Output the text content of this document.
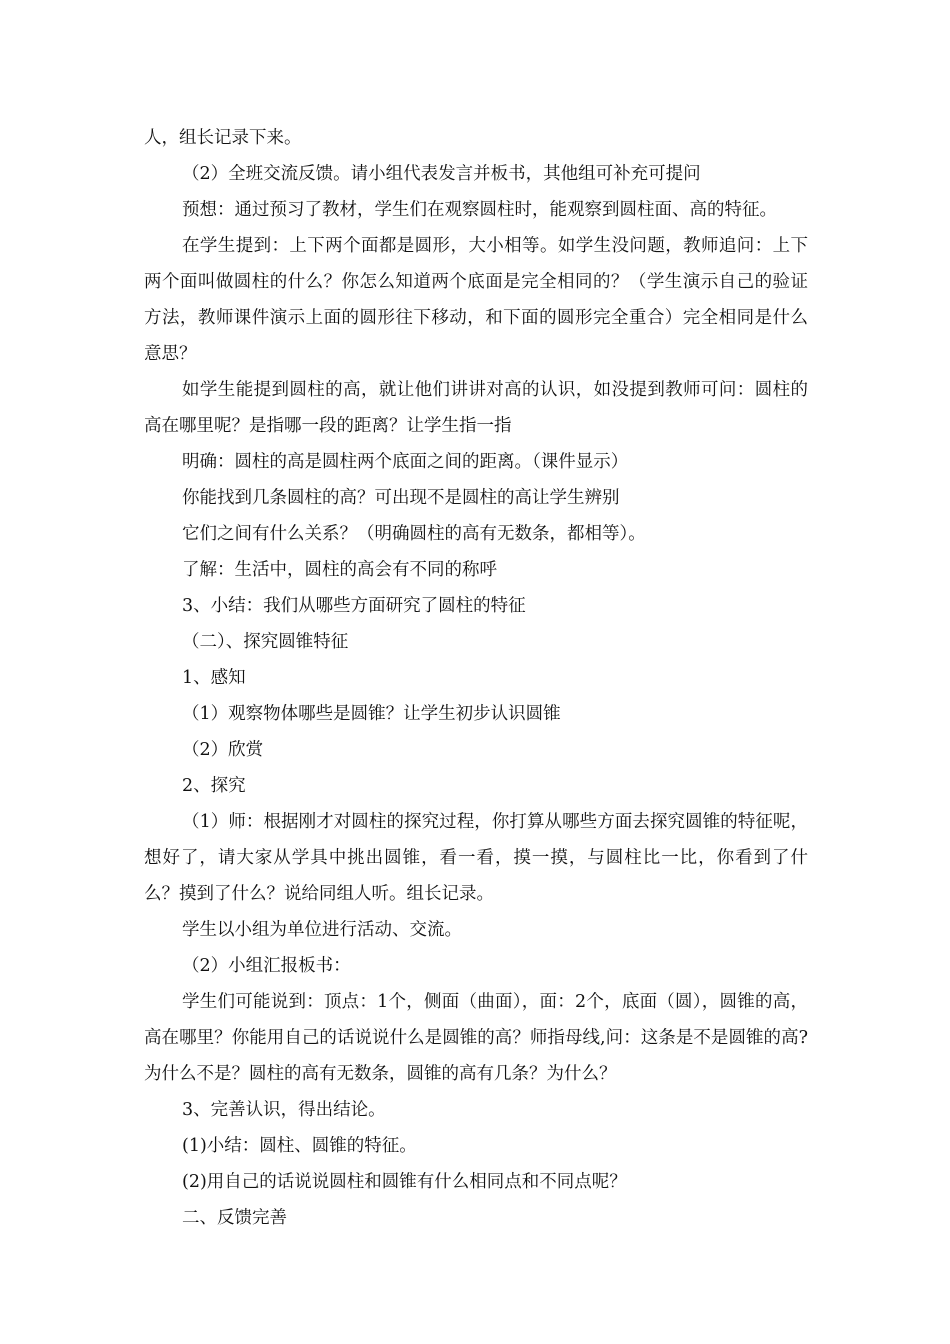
人，组长记录下来。

（2）全班交流反馈。请小组代表发言并板书，其他组可补充可提问

预想：通过预习了教材，学生们在观察圆柱时，能观察到圆柱面、高的特征。

在学生提到：上下两个面都是圆形，大小相等。如学生没问题，教师追问：上下两个面叫做圆柱的什么？你怎么知道两个底面是完全相同的？（学生演示自己的验证方法，教师课件演示上面的圆形往下移动，和下面的圆形完全重合）完全相同是什么意思？

如学生能提到圆柱的高，就让他们讲讲对高的认识，如没提到教师可问：圆柱的高在哪里呢？是指哪一段的距离？让学生指一指

明确：圆柱的高是圆柱两个底面之间的距离。（课件显示）

你能找到几条圆柱的高？可出现不是圆柱的高让学生辨别

它们之间有什么关系？（明确圆柱的高有无数条，都相等）。

了解：生活中，圆柱的高会有不同的称呼

3、小结：我们从哪些方面研究了圆柱的特征

（二）、探究圆锥特征

1、感知

（1）观察物体哪些是圆锥？让学生初步认识圆锥

（2）欣赏

2、探究

（1）师：根据刚才对圆柱的探究过程，你打算从哪些方面去探究圆锥的特征呢，想好了，请大家从学具中挑出圆锥，看一看，摸一摸，与圆柱比一比，你看到了什么？摸到了什么？说给同组人听。组长记录。

学生以小组为单位进行活动、交流。

（2）小组汇报板书：

学生们可能说到：顶点：1个，侧面（曲面），面：2个，底面（圆），圆锥的高，高在哪里？你能用自己的话说说什么是圆锥的高？师指母线,问：这条是不是圆锥的高?为什么不是？圆柱的高有无数条，圆锥的高有几条？为什么？

3、完善认识，得出结论。

(1)小结：圆柱、圆锥的特征。

(2)用自己的话说说圆柱和圆锥有什么相同点和不同点呢？

二、反馈完善
